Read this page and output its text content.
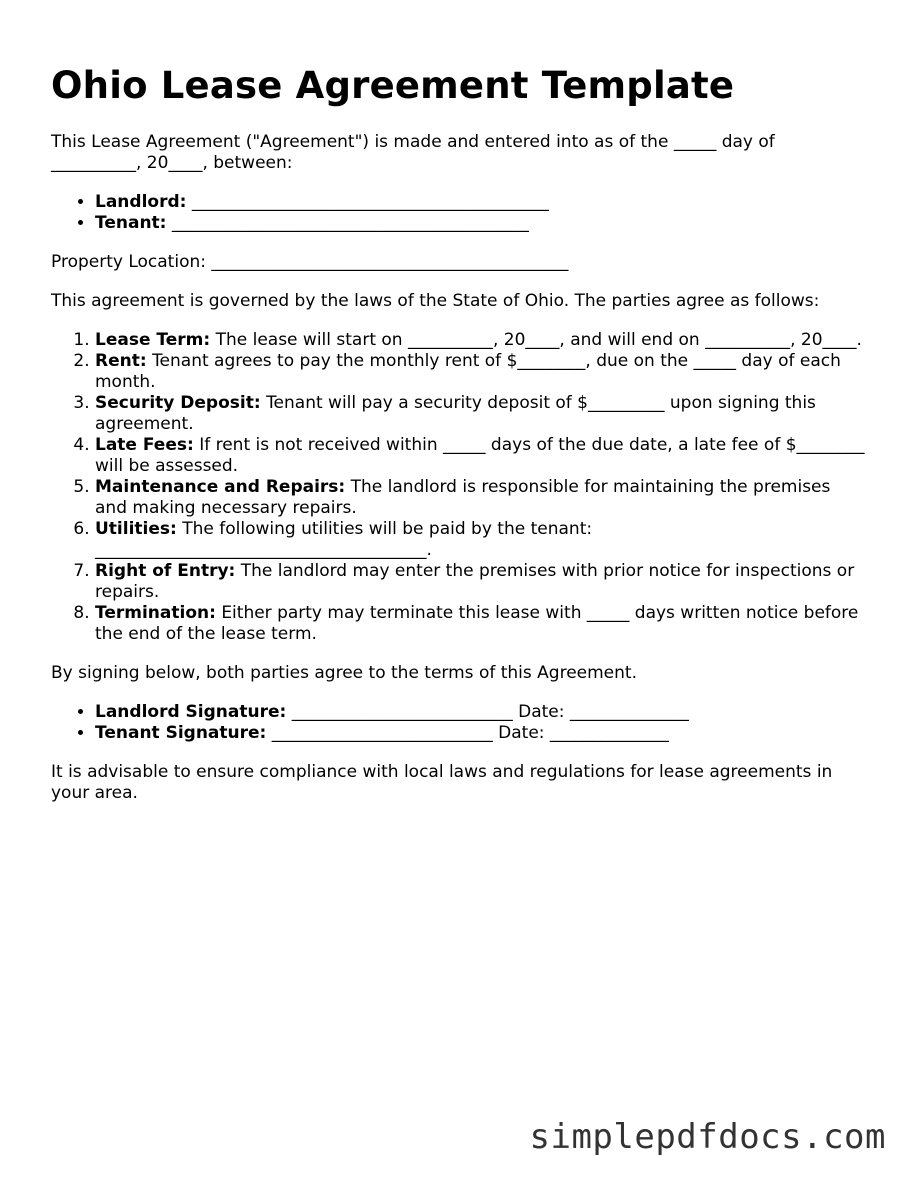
Ohio Lease Agreement Template

This Lease Agreement ("Agreement") is made and entered into as of the _____ day of __________, 20____, between:

• Landlord: __________________________________________
• Tenant: __________________________________________

Property Location: __________________________________________

This agreement is governed by the laws of the State of Ohio. The parties agree as follows:

1. Lease Term: The lease will start on __________, 20____, and will end on __________, 20____.
2. Rent: Tenant agrees to pay the monthly rent of $________, due on the _____ day of each month.
3. Security Deposit: Tenant will pay a security deposit of $_________ upon signing this agreement.
4. Late Fees: If rent is not received within _____ days of the due date, a late fee of $________ will be assessed.
5. Maintenance and Repairs: The landlord is responsible for maintaining the premises and making necessary repairs.
6. Utilities: The following utilities will be paid by the tenant: _______________________________________.
7. Right of Entry: The landlord may enter the premises with prior notice for inspections or repairs.
8. Termination: Either party may terminate this lease with _____ days written notice before the end of the lease term.

By signing below, both parties agree to the terms of this Agreement.

• Landlord Signature: __________________________ Date: ______________
• Tenant Signature: __________________________ Date: ______________

It is advisable to ensure compliance with local laws and regulations for lease agreements in your area.

simplepdfdocs.com
